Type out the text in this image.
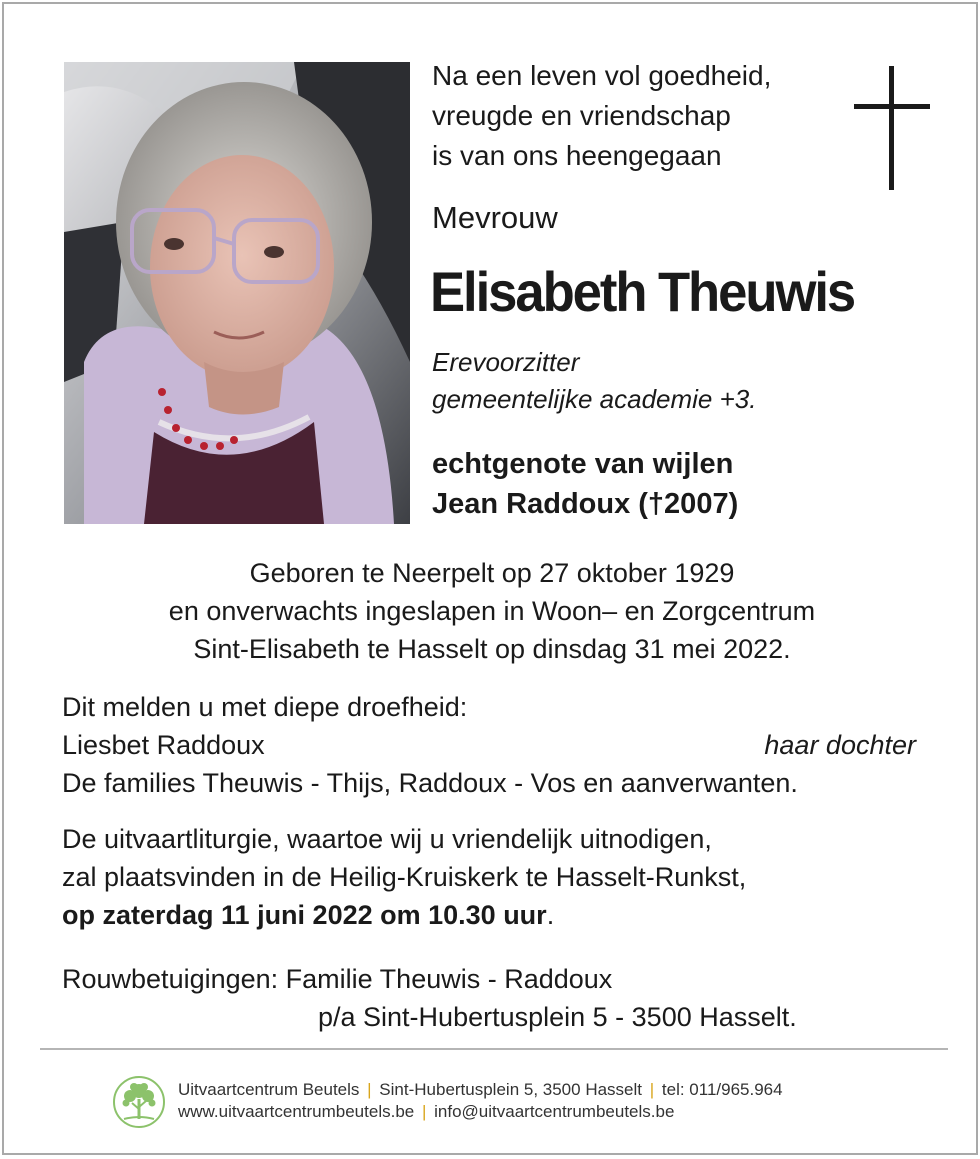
Na een leven vol goedheid,
vreugde en vriendschap
is van ons heengegaan
Mevrouw
Elisabeth Theuwis
Erevoorzitter
gemeentelijke academie +3.
echtgenote van wijlen
Jean Raddoux (†2007)
Geboren te Neerpelt op 27 oktober 1929
en onverwachts ingeslapen in Woon– en Zorgcentrum
Sint-Elisabeth te Hasselt op dinsdag 31 mei 2022.
Dit melden u met diepe droefheid:
Liesbet Raddoux	haar dochter
De families Theuwis - Thijs, Raddoux - Vos en aanverwanten.
De uitvaartliturgie, waartoe wij u vriendelijk uitnodigen,
zal plaatsvinden in de Heilig-Kruiskerk te Hasselt-Runkst,
op zaterdag 11 juni 2022 om 10.30 uur.
Rouwbetuigingen: Familie Theuwis - Raddoux
p/a Sint-Hubertusplein 5 - 3500 Hasselt.
Uitvaartcentrum Beutels | Sint-Hubertusplein 5, 3500 Hasselt | tel: 011/965.964
www.uitvaartcentrumbeutels.be | info@uitvaartcentrumbeutels.be
